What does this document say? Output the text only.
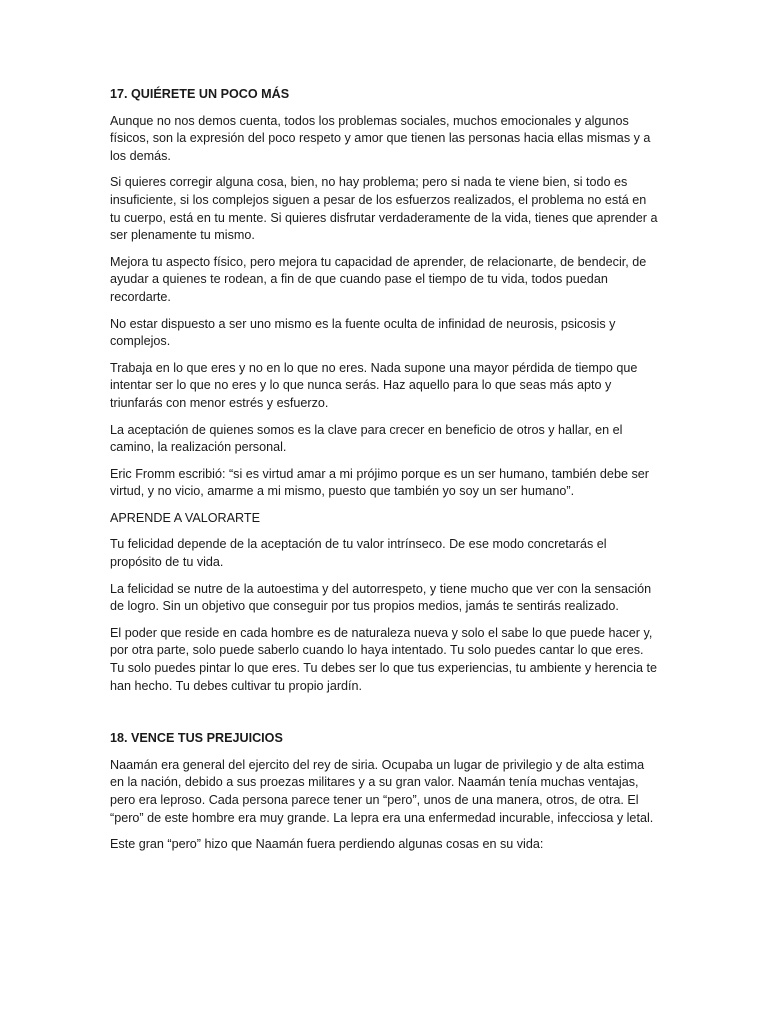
17. QUIÉRETE UN POCO MÁS

Aunque no nos demos cuenta, todos los problemas sociales, muchos emocionales y algunos físicos, son la expresión del poco respeto y amor que tienen las personas hacia ellas mismas y a los demás.

Si quieres corregir alguna cosa, bien, no hay problema; pero si nada te viene bien, si todo es insuficiente, si los complejos siguen a pesar de los esfuerzos realizados, el problema no está en tu cuerpo, está en tu mente. Si quieres disfrutar verdaderamente de la vida, tienes que aprender a ser plenamente tu mismo.

Mejora tu aspecto físico, pero mejora tu capacidad de aprender, de relacionarte, de bendecir, de ayudar a quienes te rodean, a fin de que cuando pase el tiempo de tu vida, todos puedan recordarte.

No estar dispuesto a ser uno mismo es la fuente oculta de infinidad de neurosis, psicosis y complejos.

Trabaja en lo que eres y no en lo que no eres. Nada supone una mayor pérdida de tiempo que intentar ser lo que no eres y lo que nunca serás. Haz aquello para lo que seas más apto y triunfarás con menor estrés y esfuerzo.

La aceptación de quienes somos es la clave para crecer en beneficio de otros y hallar, en el camino, la realización personal.

Eric Fromm escribió: “si es virtud amar a mi prójimo porque es un ser humano, también debe ser virtud, y no vicio, amarme a mi mismo, puesto que también yo soy un ser humano”.

APRENDE A VALORARTE

Tu felicidad depende de la aceptación de tu valor intrínseco. De ese modo concretarás el propósito de tu vida.

La felicidad se nutre de la autoestima y del autorrespeto, y tiene mucho que ver con la sensación de logro. Sin un objetivo que conseguir por tus propios medios, jamás te sentirás realizado.

El poder que reside en cada hombre es de naturaleza nueva y solo el sabe lo que puede hacer y, por otra parte, solo puede saberlo cuando lo haya intentado. Tu solo puedes cantar lo que eres. Tu solo puedes pintar lo que eres. Tu debes ser lo que tus experiencias, tu ambiente y herencia te han hecho. Tu debes cultivar tu propio jardín.

18. VENCE TUS PREJUICIOS

Naamán era general del ejercito del rey de siria. Ocupaba un lugar de privilegio y de alta estima en la nación, debido a sus proezas militares y a su gran valor. Naamán tenía muchas ventajas, pero era leproso. Cada persona parece tener un “pero”, unos de una manera, otros, de otra. El “pero” de este hombre era muy grande. La lepra era una enfermedad incurable, infecciosa y letal.

Este gran “pero” hizo que Naamán fuera perdiendo algunas cosas en su vida:
